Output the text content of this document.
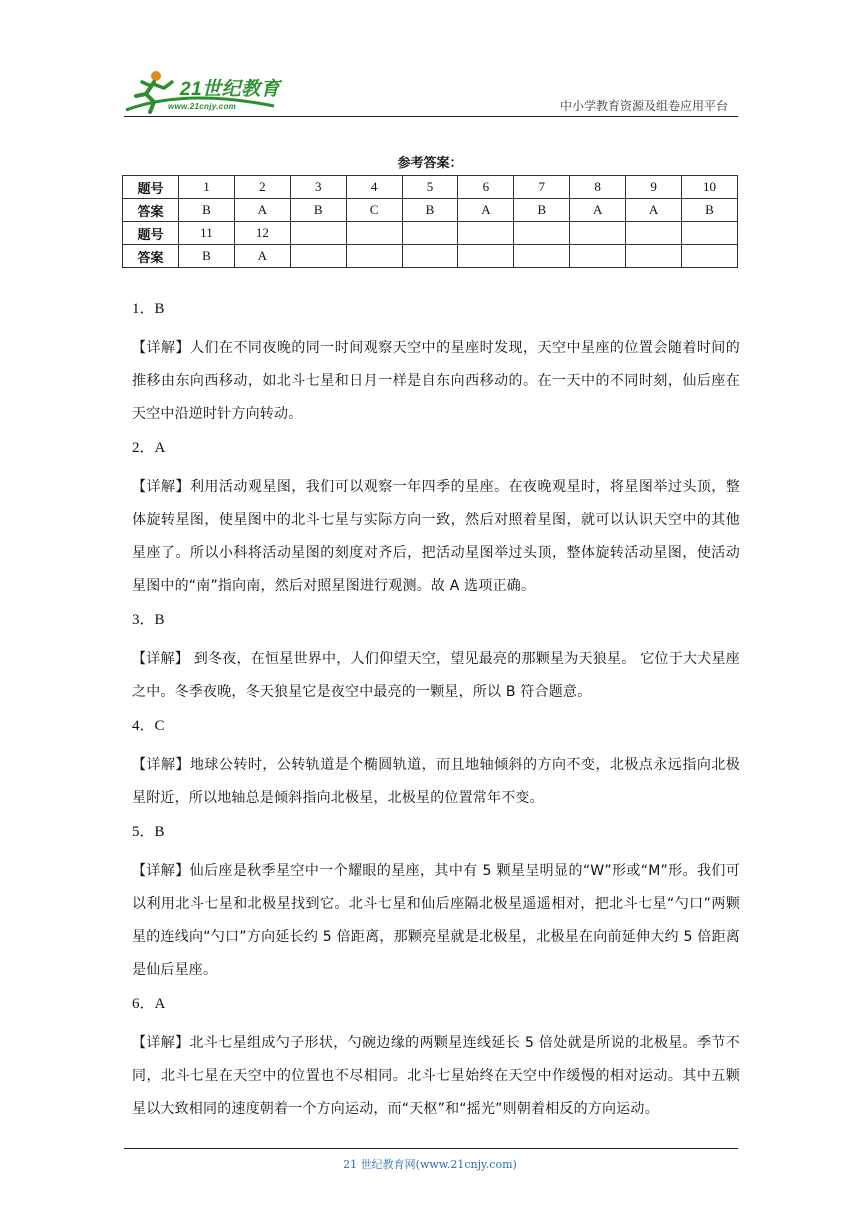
21世纪教育
www.21cnjy.com	中小学教育资源及组卷应用平台
参考答案：
题号	1	2	3	4	5	6	7	8	9	10
答案	B	A	B	C	B	A	B	A	A	B
题号	11	12								
答案	B	A								
1．B
【详解】人们在不同夜晚的同一时间观察天空中的星座时发现，天空中星座的位置会随着时间的推移由东向西移动，如北斗七星和日月一样是自东向西移动的。在一天中的不同时刻，仙后座在天空中沿逆时针方向转动。
2．A
【详解】利用活动观星图，我们可以观察一年四季的星座。在夜晚观星时，将星图举过头顶，整体旋转星图，使星图中的北斗七星与实际方向一致，然后对照着星图，就可以认识天空中的其他星座了。所以小科将活动星图的刻度对齐后，把活动星图举过头顶，整体旋转活动星图，使活动星图中的“南”指向南，然后对照星图进行观测。故 A 选项正确。
3．B
【详解】 到冬夜，在恒星世界中，人们仰望天空，望见最亮的那颗星为天狼星。 它位于大犬星座之中。冬季夜晚，冬天狼星它是夜空中最亮的一颗星，所以 B 符合题意。
4．C
【详解】地球公转时，公转轨道是个椭圆轨道，而且地轴倾斜的方向不变，北极点永远指向北极星附近，所以地轴总是倾斜指向北极星，北极星的位置常年不变。
5．B
【详解】仙后座是秋季星空中一个耀眼的星座，其中有 5 颗星呈明显的“W”形或“M”形。我们可以利用北斗七星和北极星找到它。北斗七星和仙后座隔北极星遥遥相对，把北斗七星“勺口”两颗星的连线向“勺口”方向延长约 5 倍距离，那颗亮星就是北极星，北极星在向前延伸大约 5 倍距离是仙后星座。
6．A
【详解】北斗七星组成勺子形状，勺碗边缘的两颗星连线延长 5 倍处就是所说的北极星。季节不同，北斗七星在天空中的位置也不尽相同。北斗七星始终在天空中作缓慢的相对运动。其中五颗星以大致相同的速度朝着一个方向运动，而“天枢”和“摇光”则朝着相反的方向运动。
21 世纪教育网(www.21cnjy.com)
